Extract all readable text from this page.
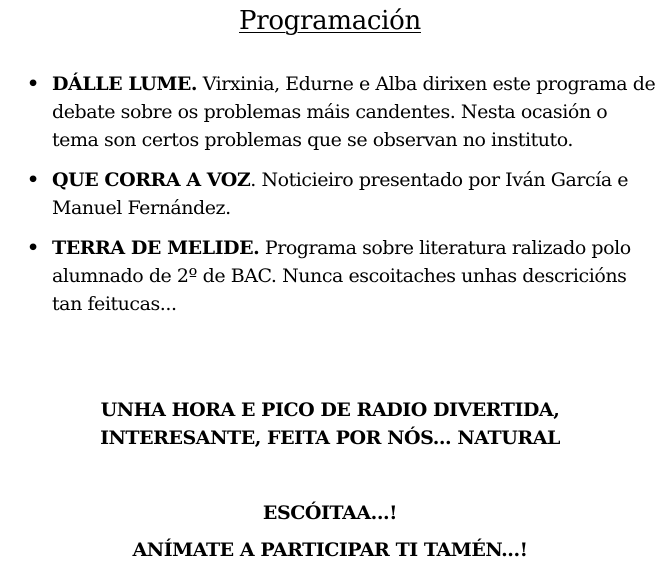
Programación
• DÁLLE LUME. Virxinia, Edurne e Alba dirixen este programa de debate sobre os problemas máis candentes. Nesta ocasión o tema son certos problemas que se observan no instituto.
• QUE CORRA A VOZ. Noticieiro presentado por Iván García e Manuel Fernández.
• TERRA DE MELIDE. Programa sobre literatura ralizado polo alumnado de 2º de BAC. Nunca escoitaches unhas descricións tan feitucas...
UNHA HORA E PICO DE RADIO DIVERTIDA,
INTERESANTE, FEITA POR NÓS... NATURAL
ESCÓITAA...!
ANÍMATE A PARTICIPAR TI TAMÉN...!
